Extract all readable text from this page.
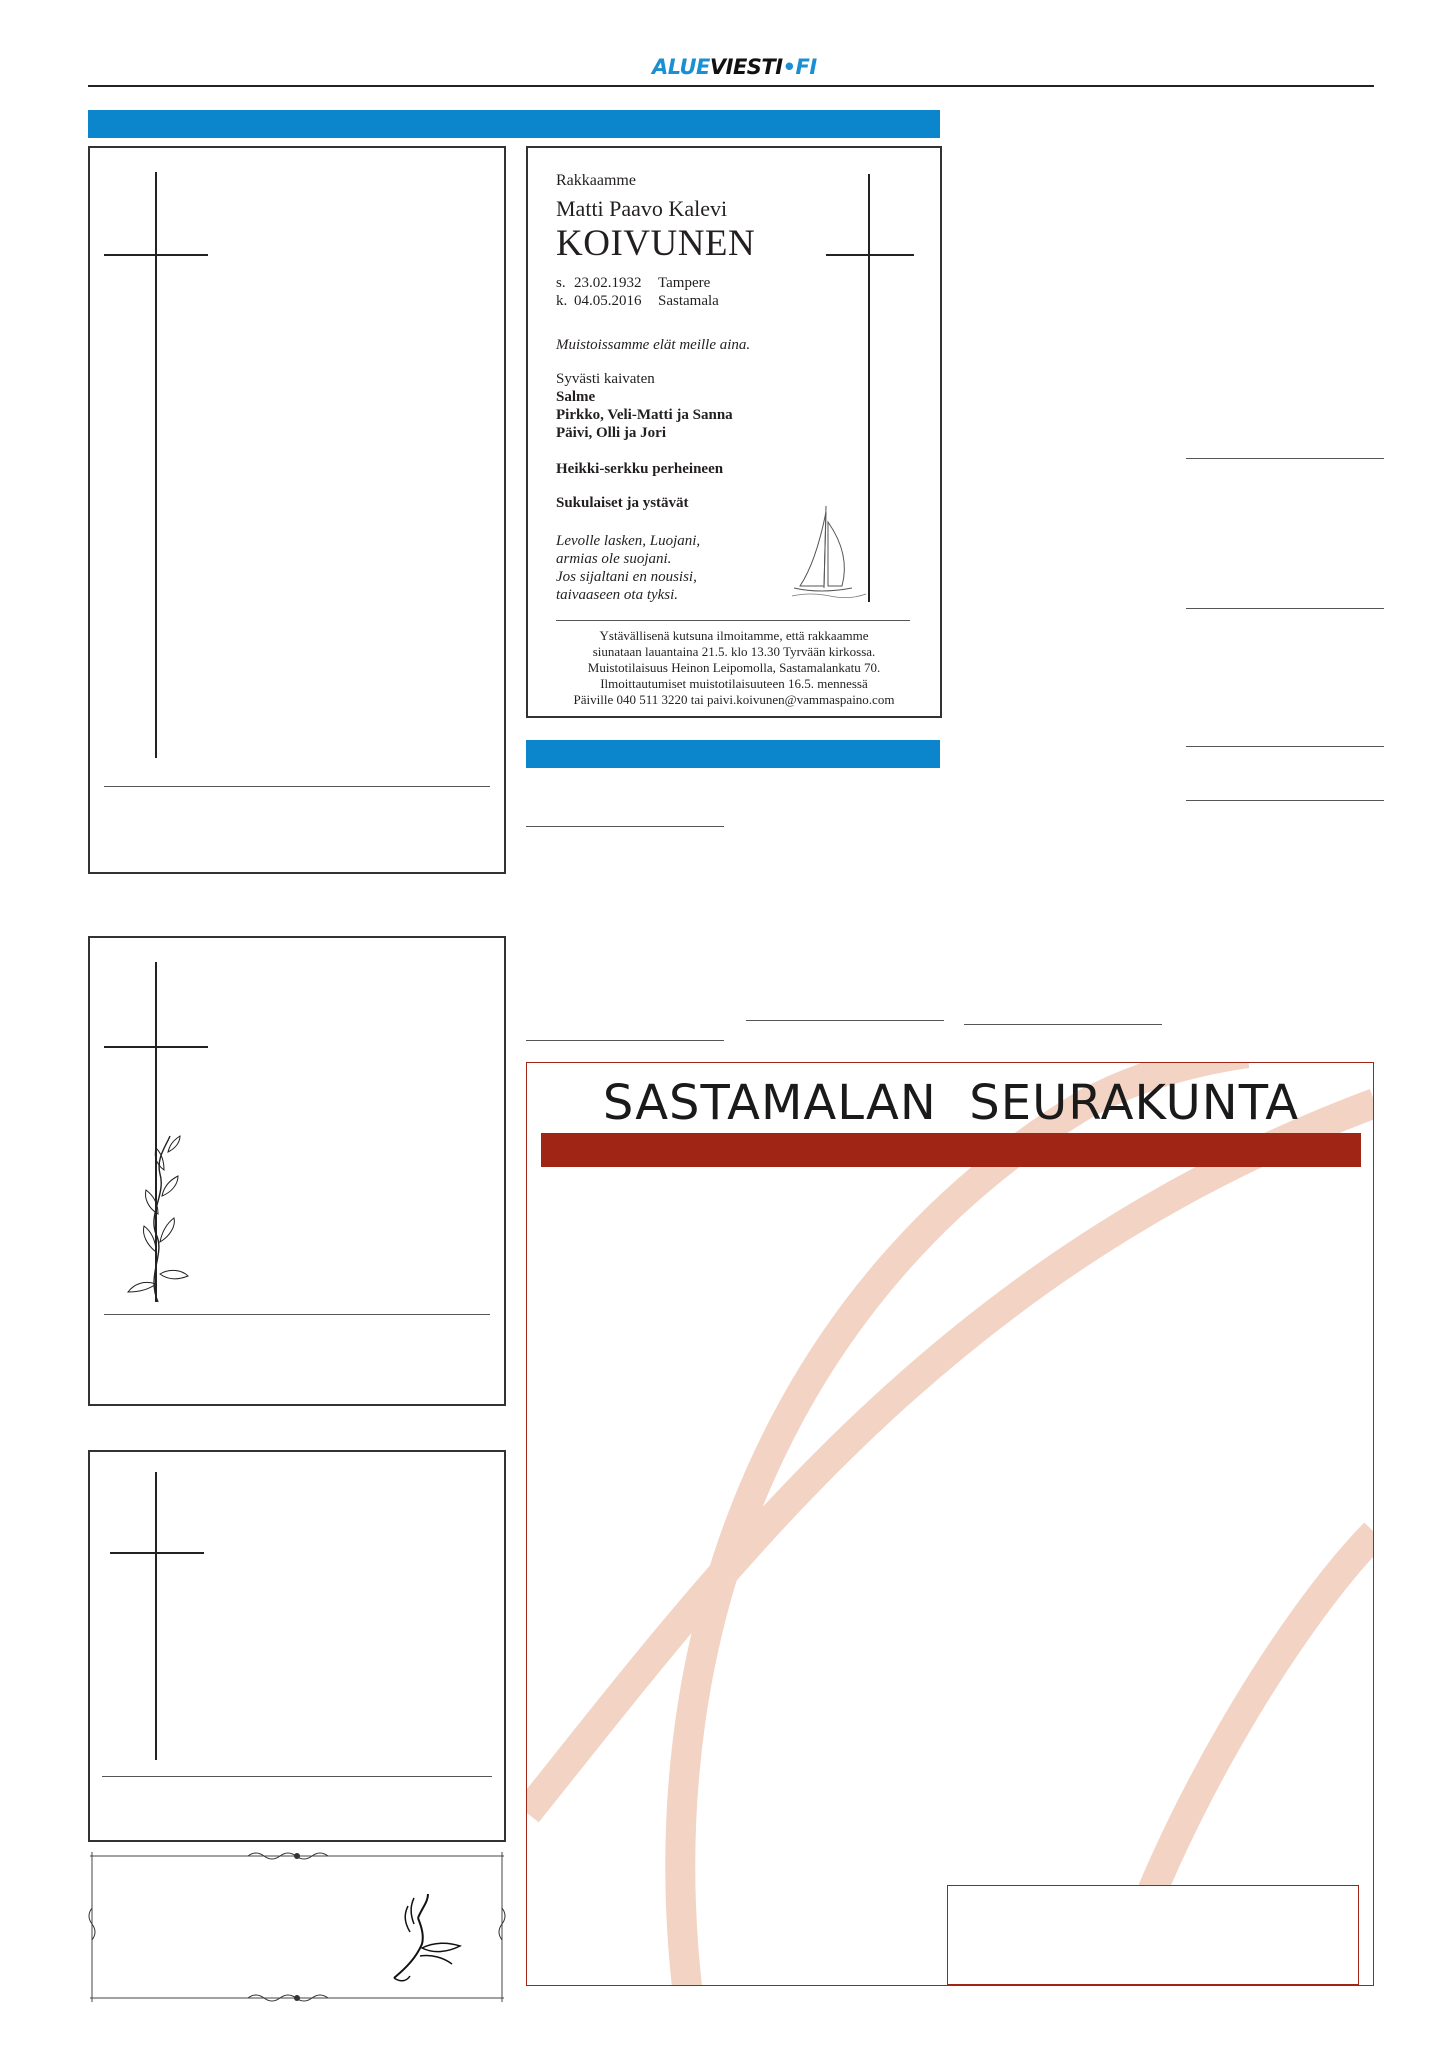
ALUEVIESTI•FI
Rakkaamme
Matti Paavo Kalevi
KOIVUNEN
s. 23.02.1932 Tampere
k. 04.05.2016 Sastamala
Muistoissamme elät meille aina.
Syvästi kaivaten
Salme
Pirkko, Veli-Matti ja Sanna
Päivi, Olli ja Jori
Heikki-serkku perheineen
Sukulaiset ja ystävät
Levolle lasken, Luojani,
armias ole suojani.
Jos sijaltani en nousisi,
taivaaseen ota tyksi.
Ystävällisenä kutsuna ilmoitamme, että rakkaamme
siunataan lauantaina 21.5. klo 13.30 Tyrvään kirkossa.
Muistotilaisuus Heinon Leipomolla, Sastamalankatu 70.
Ilmoittautumiset muistotilaisuuteen 16.5. mennessä
Päiville 040 511 3220 tai paivi.koivunen@vammaspaino.com
SASTAMALAN  SEURAKUNTA
